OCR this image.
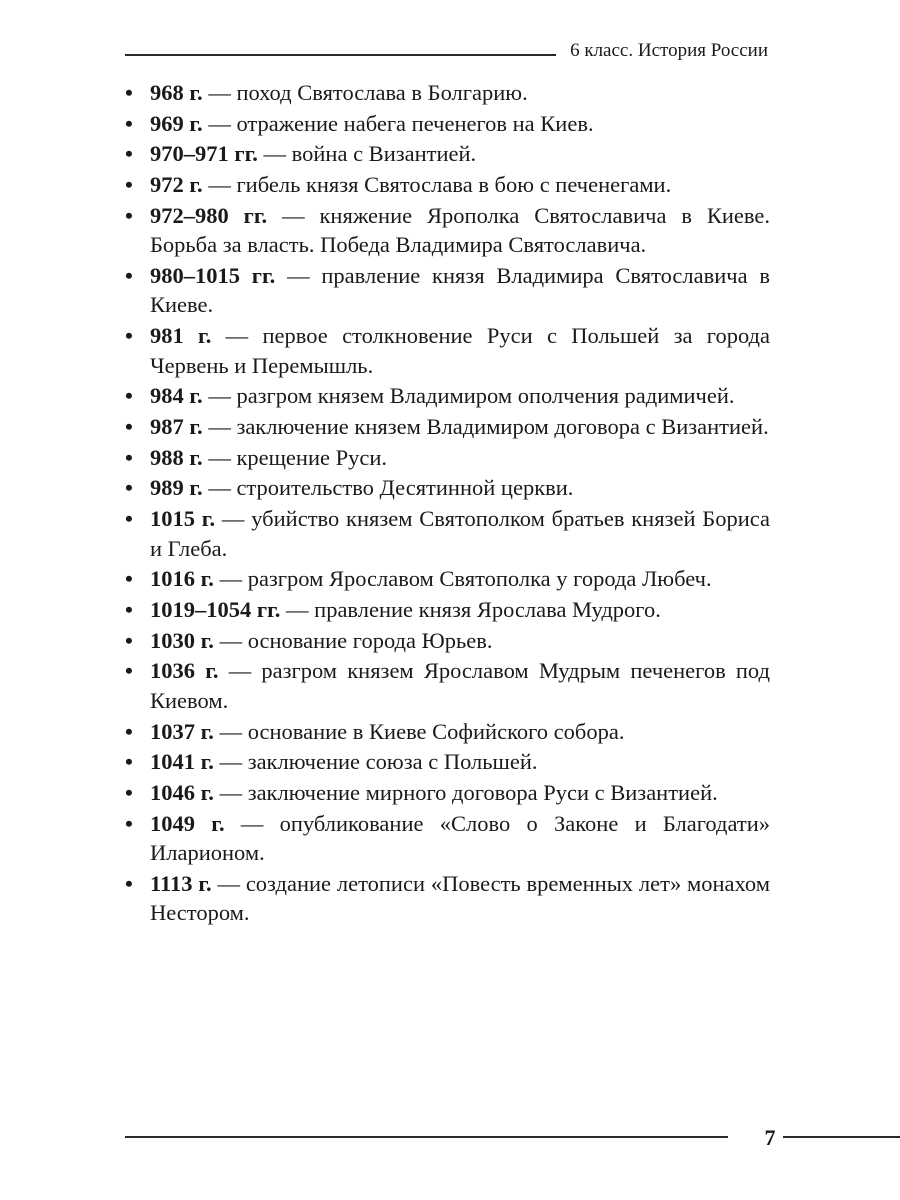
6 класс. История России
• 968 г. — поход Святослава в Болгарию.
• 969 г. — отражение набега печенегов на Киев.
• 970–971 гг. — война с Византией.
• 972 г. — гибель князя Святослава в бою с печенегами.
• 972–980 гг. — княжение Ярополка Святославича в Киеве. Борьба за власть. Победа Владимира Святославича.
• 980–1015 гг. — правление князя Владимира Святославича в Киеве.
• 981 г. — первое столкновение Руси с Польшей за города Червень и Перемышль.
• 984 г. — разгром князем Владимиром ополчения радимичей.
• 987 г. — заключение князем Владимиром договора с Византией.
• 988 г. — крещение Руси.
• 989 г. — строительство Десятинной церкви.
• 1015 г. — убийство князем Святополком братьев князей Бориса и Глеба.
• 1016 г. — разгром Ярославом Святополка у города Любеч.
• 1019–1054 гг. — правление князя Ярослава Мудрого.
• 1030 г. — основание города Юрьев.
• 1036 г. — разгром князем Ярославом Мудрым печенегов под Киевом.
• 1037 г. — основание в Киеве Софийского собора.
• 1041 г. — заключение союза с Польшей.
• 1046 г. — заключение мирного договора Руси с Византией.
• 1049 г. — опубликование «Слово о Законе и Благодати» Иларионом.
• 1113 г. — создание летописи «Повесть временных лет» монахом Нестором.
7
